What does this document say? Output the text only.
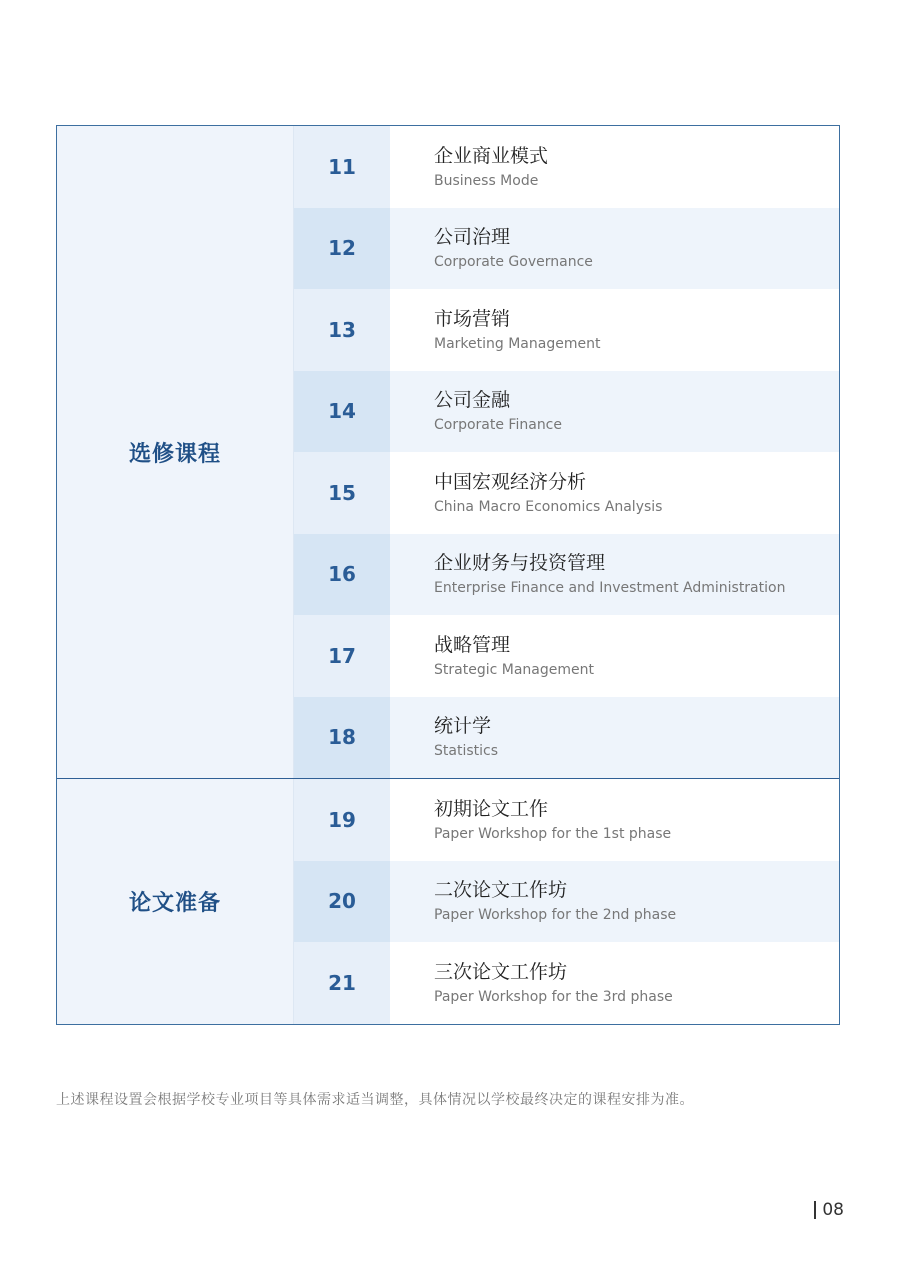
选修课程
11	企业商业模式
Business Mode
12	公司治理
Corporate Governance
13	市场营销
Marketing Management
14	公司金融
Corporate Finance
15	中国宏观经济分析
China Macro Economics Analysis
16	企业财务与投资管理
Enterprise Finance and Investment Administration
17	战略管理
Strategic Management
18	统计学
Statistics
论文准备
19	初期论文工作
Paper Workshop for the 1st phase
20	二次论文工作坊
Paper Workshop for the 2nd phase
21	三次论文工作坊
Paper Workshop for the 3rd phase
上述课程设置会根据学校专业项目等具体需求适当调整，具体情况以学校最终决定的课程安排为准。
08
